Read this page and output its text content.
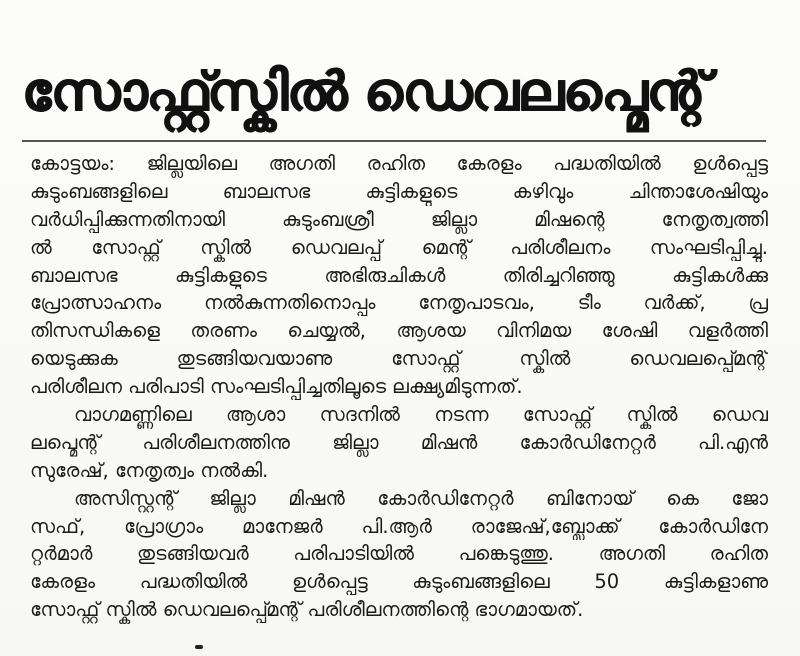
സോഫ്റ്റ്സ്കിൽ ഡെവലപ്മെന്റ്
കോട്ടയം: ജില്ലയിലെ അഗതി രഹിത കേരളം പദ്ധതിയിൽ ഉൾപ്പെട്ട
കുടുംബങ്ങളിലെ ബാലസഭ കുട്ടികളുടെ കഴിവും ചിന്താശേഷിയും
വർധിപ്പിക്കുന്നതിനായി കുടുംബശ്രീ ജില്ലാ മിഷന്റെ നേതൃത്വത്തി
ൽ സോഫ്റ്റ് സ്കിൽ ഡെവലപ്പ് മെന്റ് പരിശീലനം സംഘടിപ്പിച്ചു.
ബാലസഭ കുട്ടികളുടെ അഭിരുചികൾ തിരിച്ചറിഞ്ഞു കുട്ടികൾക്കു
പ്രോത്സാഹനം നൽകുന്നതിനൊപ്പം നേതൃപാടവം, ടീം വർക്ക്, പ്ര
തിസന്ധികളെ തരണം ചെയ്യൽ, ആശയ വിനിമയ ശേഷി വളർത്തി
യെടുക്കുക തുടങ്ങിയവയാണു സോഫ്റ്റ് സ്കിൽ ഡെവലപ്പ്മെന്റ്
പരിശീലന പരിപാടി സംഘടിപ്പിച്ചതിലൂടെ ലക്ഷ്യമിടുന്നത്.
വാഗമണ്ണിലെ ആശാ സദനിൽ നടന്ന സോഫ്റ്റ് സ്കിൽ ഡെവ
ലപ്മെന്റ് പരിശീലനത്തിനു ജില്ലാ മിഷൻ കോർഡിനേറ്റർ പി.എൻ
സുരേഷ്, നേതൃത്വം നൽകി.
അസിസ്റ്റന്റ് ജില്ലാ മിഷൻ കോർഡിനേറ്റർ ബിനോയ് കെ ജോ
സഫ്, പ്രോഗ്രാം മാനേജർ പി.ആർ രാജേഷ്,ബ്ലോക്ക് കോർഡിനേ
റ്റർമാർ തുടങ്ങിയവർ പരിപാടിയിൽ പങ്കെടുത്തു. അഗതി രഹിത
കേരളം പദ്ധതിയിൽ ഉൾപ്പെട്ട കുടുംബങ്ങളിലെ 50 കുട്ടികളാണു
സോഫ്റ്റ് സ്കിൽ ഡെവലപ്പ്മെന്റ് പരിശീലനത്തിന്റെ ഭാഗമായത്.
